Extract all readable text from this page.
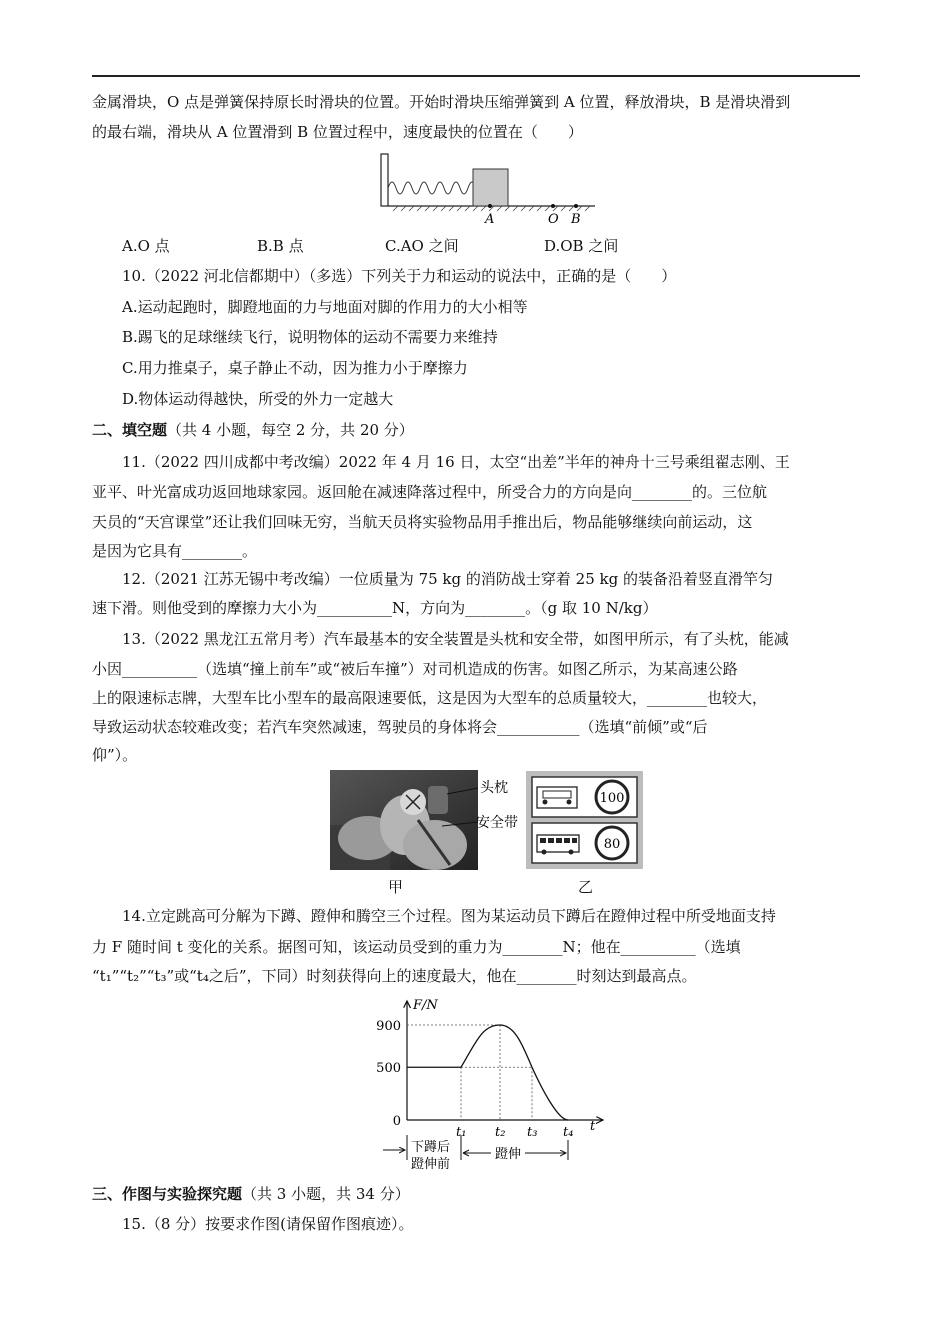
金属滑块，O 点是弹簧保持原长时滑块的位置。开始时滑块压缩弹簧到 A 位置，释放滑块，B 是滑块滑到
的最右端，滑块从 A 位置滑到 B 位置过程中，速度最快的位置在（　　）
A	O B
A.O 点	B.B 点	C.AO 之间	D.OB 之间
10.（2022 河北信都期中）（多选）下列关于力和运动的说法中，正确的是（　　）
A.运动起跑时，脚蹬地面的力与地面对脚的作用力的大小相等
B.踢飞的足球继续飞行，说明物体的运动不需要力来维持
C.用力推桌子，桌子静止不动，因为推力小于摩擦力
D.物体运动得越快，所受的外力一定越大
二、填空题（共 4 小题，每空 2 分，共 20 分）
11.（2022 四川成都中考改编）2022 年 4 月 16 日，太空“出差”半年的神舟十三号乘组翟志刚、王
亚平、叶光富成功返回地球家园。返回舱在减速降落过程中，所受合力的方向是向________的。三位航
天员的“天宫课堂”还让我们回味无穷，当航天员将实验物品用手推出后，物品能够继续向前运动，这
是因为它具有________。
12.（2021 江苏无锡中考改编）一位质量为 75 kg 的消防战士穿着 25 kg 的装备沿着竖直滑竿匀
速下滑。则他受到的摩擦力大小为__________N，方向为________。（g 取 10 N/kg）
13.（2022 黑龙江五常月考）汽车最基本的安全装置是头枕和安全带，如图甲所示，有了头枕，能减
小因__________（选填“撞上前车”或“被后车撞”）对司机造成的伤害。如图乙所示，为某高速公路
上的限速标志牌，大型车比小型车的最高限速要低，这是因为大型车的总质量较大，________也较大，
导致运动状态较难改变；若汽车突然减速，驾驶员的身体将会___________（选填“前倾”或“后
仰”）。
头枕
安全带
100
80
甲	乙
14.立定跳高可分解为下蹲、蹬伸和腾空三个过程。图为某运动员下蹲后在蹬伸过程中所受地面支持
力 F 随时间 t 变化的关系。据图可知，该运动员受到的重力为________N；他在__________（选填
“t₁”“t₂”“t₃”或“t₄之后”，下同）时刻获得向上的速度最大，他在________时刻达到最高点。
F/N
t
0
500
900
t₁ t₂ t₃ t₄
下蹲后
蹬伸前
蹬伸
三、作图与实验探究题（共 3 小题，共 34 分）
15.（8 分）按要求作图(请保留作图痕迹）。
